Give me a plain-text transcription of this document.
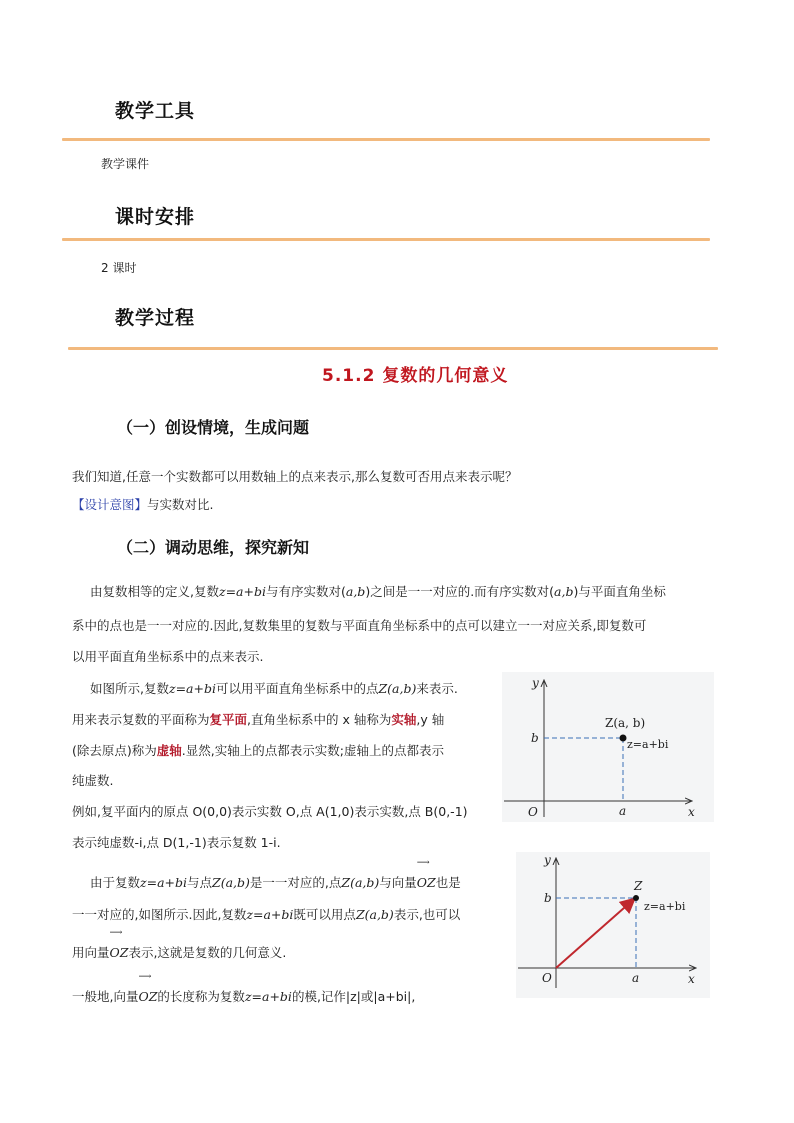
教学工具
教学课件
课时安排
2 课时
教学过程
5.1.2 复数的几何意义
（一）创设情境，生成问题
我们知道,任意一个实数都可以用数轴上的点来表示,那么复数可否用点来表示呢？
【设计意图】与实数对比.
（二）调动思维，探究新知
由复数相等的定义,复数z=a+bi与有序实数对(a,b)之间是一一对应的.而有序实数对(a,b)与平面直角坐标
系中的点也是一一对应的.因此,复数集里的复数与平面直角坐标系中的点可以建立一一对应关系,即复数可
以用平面直角坐标系中的点来表示.
如图所示,复数z=a+bi可以用平面直角坐标系中的点Z(a,b)来表示.
用来表示复数的平面称为复平面,直角坐标系中的 x 轴称为实轴,y 轴
(除去原点)称为虚轴.显然,实轴上的点都表示实数;虚轴上的点都表示
纯虚数.
例如,复平面内的原点 O(0,0)表示实数 O,点 A(1,0)表示实数,点 B(0,-1)
表示纯虚数-i,点 D(1,-1)表示复数 1-i.
由于复数z=a+bi与点Z(a,b)是一一对应的,点Z(a,b)与向量⟶ OZ也是
一一对应的,如图所示.因此,复数z=a+bi既可以用点Z(a,b)表示,也可以
用向量⟶ OZ表示,这就是复数的几何意义.
一般地,向量⟶ OZ的长度称为复数z=a+bi的模,记作|z|或|a+bi|,
y
x
O	a
b
Z(a, b)
z=a+bi
y
x
O	a
b
Z
z=a+bi
